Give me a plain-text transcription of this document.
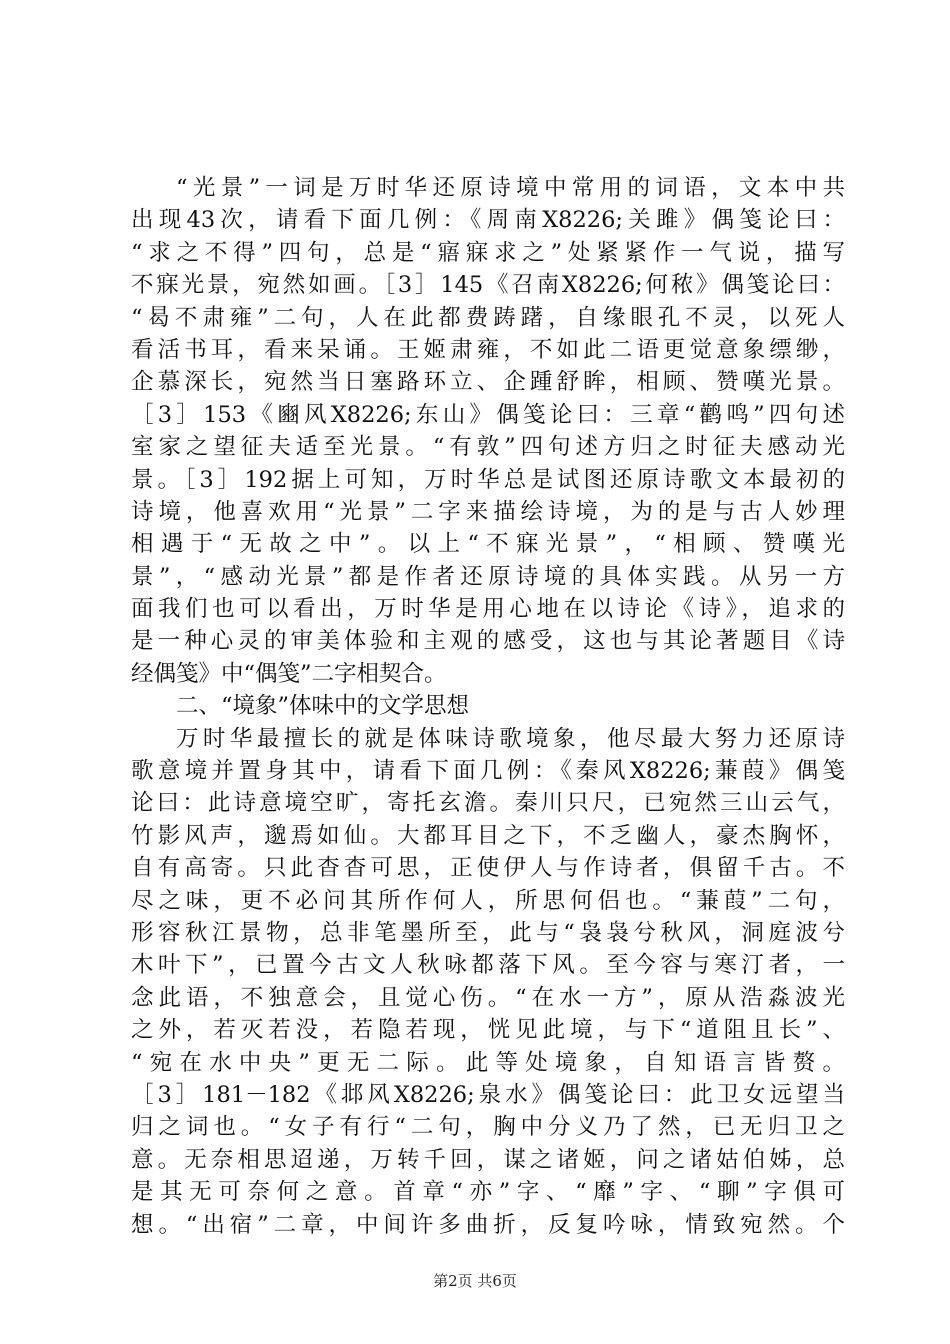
“光景”一词是万时华还原诗境中常用的词语，文本中共
出现43次，请看下面几例：《周南X8226;关雎》偶笺论曰：
“求之不得”四句，总是“寤寐求之”处紧紧作一气说，描写
不寐光景，宛然如画。［3］145《召南X8226;何秾》偶笺论曰：
“曷不肃雍”二句，人在此都费踌躇，自缘眼孔不灵，以死人
看活书耳，看来呆诵。王姬肃雍，不如此二语更觉意象缥缈，
企慕深长，宛然当日塞路环立、企踵舒眸，相顾、赞嘆光景。
［3］153《豳风X8226;东山》偶笺论曰：三章“鹳鸣”四句述
室家之望征夫适至光景。“有敦”四句述方归之时征夫感动光
景。［3］192据上可知，万时华总是试图还原诗歌文本最初的
诗境，他喜欢用“光景”二字来描绘诗境，为的是与古人妙理
相遇于“无故之中”。以上“不寐光景”，“相顾、赞嘆光
景”，“感动光景”都是作者还原诗境的具体实践。从另一方
面我们也可以看出，万时华是用心地在以诗论《诗》，追求的
是一种心灵的审美体验和主观的感受，这也与其论著题目《诗
经偶笺》中“偶笺”二字相契合。
二、“境象”体味中的文学思想
万时华最擅长的就是体味诗歌境象，他尽最大努力还原诗
歌意境并置身其中，请看下面几例：《秦风X8226;蒹葭》偶笺
论曰：此诗意境空旷，寄托玄澹。秦川只尺，已宛然三山云气，
竹影风声，邈焉如仙。大都耳目之下，不乏幽人，豪杰胸怀，
自有高寄。只此杳杳可思，正使伊人与作诗者，俱留千古。不
尽之味，更不必问其所作何人，所思何侣也。“蒹葭”二句，
形容秋江景物，总非笔墨所至，此与“袅袅兮秋风，洞庭波兮
木叶下”，已置今古文人秋咏都落下风。至今容与寒汀者，一
念此语，不独意会，且觉心伤。“在水一方”，原从浩淼波光
之外，若灭若没，若隐若现，恍见此境，与下“道阻且长”、
“宛在水中央”更无二际。此等处境象，自知语言皆赘。
［3］181－182《邶风X8226;泉水》偶笺论曰：此卫女远望当
归之词也。“女子有行“二句，胸中分义乃了然，已无归卫之
意。无奈相思迢递，万转千回，谋之诸姬，问之诸姑伯姊，总
是其无可奈何之意。首章“亦”字、“靡”字、“聊”字俱可
想。“出宿”二章，中间许多曲折，反复吟咏，情致宛然。个
第2页 共6页
